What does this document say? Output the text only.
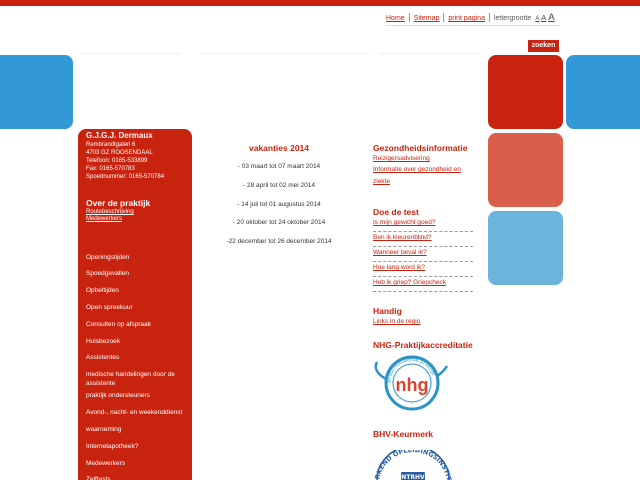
Home Sitemap print pagina lettergrootte A A A
zoeken
G.J.G.J. Dermaux
Rembrandtgaleri 6
4703 GZ ROOSENDAAL
Telefoon: 0165-533899
Fax: 0165-570783
Spoednummer: 0165-570784
Over de praktijk
Routebeschrijving
Medewerkers
Openingstijden
Spoedgevallen
Opbeltijden
Open spreekuur
Consulten op afspraak
Huisbezoek
Assistentes
medische handelingen door de
assistente
praktijk ondersteuners
Avond-, nacht- en weekenddienst
waarneming
Internetapotheek?
Medewerkers
Zelftests
vakanties 2014
- 03 maart tot 07 maart 2014
- 28 april tot 02 mei 2014
- 14 juli tot 01 augustus 2014
- 20 oktober tot 24 oktober 2014
-22 december tot 26 december 2014
Gezondheidsinformatie
Reizigersadvisering
Informatie over gezondheid en
ziekte
Doe de test
Is mijn gewicht goed?
Ben ik kleurenblind?
Wanneer beval ik?
Hoe lang word ik?
Heb ik griep? Griepcheck
Handig
Links in de regio
NHG-Praktijkaccreditatie
geaccrediteerde praktijk
nhg
BHV-Keurmerk
RKEND OPLEIDINGSINSTIT
NTRHV
